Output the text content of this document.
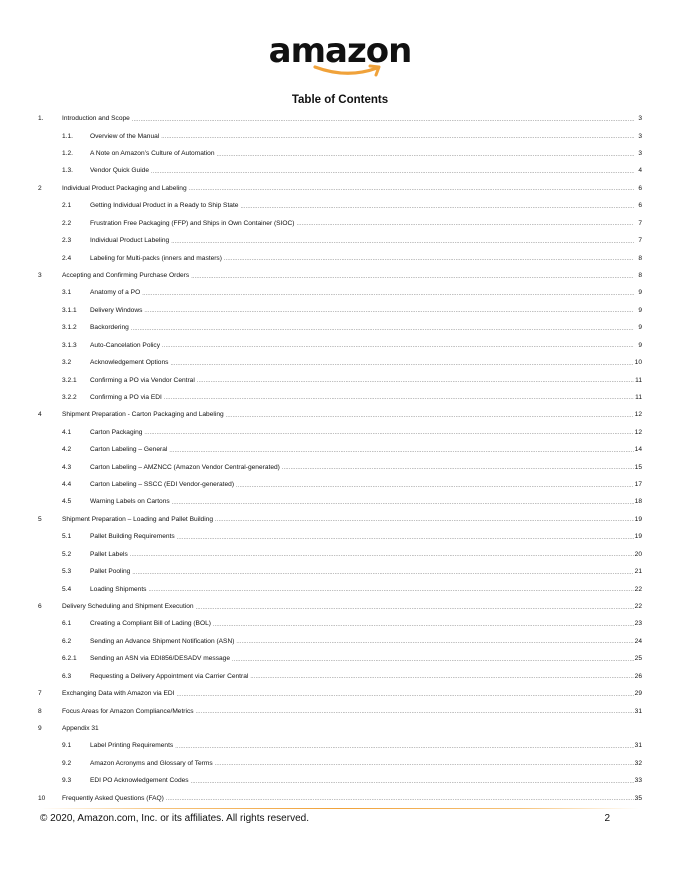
amazon
Table of Contents
1.	Introduction and Scope .....	3
1.1.	Overview of the Manual .....	3
1.2.	A Note on Amazon’s Culture of Automation .....	3
1.3.	Vendor Quick Guide .....	4
2	Individual Product Packaging and Labeling .....	6
2.1	Getting Individual Product in a Ready to Ship State .....	6
2.2	Frustration Free Packaging (FFP) and Ships in Own Container (SIOC) .....	7
2.3	Individual Product Labeling .....	7
2.4	Labeling for Multi-packs (inners and masters) .....	8
3	Accepting and Confirming Purchase Orders .....	8
3.1	Anatomy of a PO .....	9
3.1.1	Delivery Windows .....	9
3.1.2	Backordering .....	9
3.1.3	Auto-Cancelation Policy .....	9
3.2	Acknowledgement Options .....	10
3.2.1	Confirming a PO via Vendor Central .....	11
3.2.2	Confirming a PO via EDI .....	11
4	Shipment Preparation - Carton Packaging and Labeling .....	12
4.1	Carton Packaging .....	12
4.2	Carton Labeling – General .....	14
4.3	Carton Labeling – AMZNCC (Amazon Vendor Central-generated) .....	15
4.4	Carton Labeling – SSCC (EDI Vendor-generated) .....	17
4.5	Warning Labels on Cartons .....	18
5	Shipment Preparation – Loading and Pallet Building .....	19
5.1	Pallet Building Requirements .....	19
5.2	Pallet Labels .....	20
5.3	Pallet Pooling .....	21
5.4	Loading Shipments .....	22
6	Delivery Scheduling and Shipment Execution .....	22
6.1	Creating a Compliant Bill of Lading (BOL) .....	23
6.2	Sending an Advance Shipment Notification (ASN) .....	24
6.2.1	Sending an ASN via EDI856/DESADV message .....	25
6.3	Requesting a Delivery Appointment via Carrier Central .....	26
7	Exchanging Data with Amazon via EDI .....	29
8	Focus Areas for Amazon Compliance/Metrics .....	31
9	Appendix 31
9.1	Label Printing Requirements .....	31
9.2	Amazon Acronyms and Glossary of Terms .....	32
9.3	EDI PO Acknowledgement Codes .....	33
10	Frequently Asked Questions (FAQ) .....	35
© 2020, Amazon.com, Inc. or its affiliates. All rights reserved.	2
